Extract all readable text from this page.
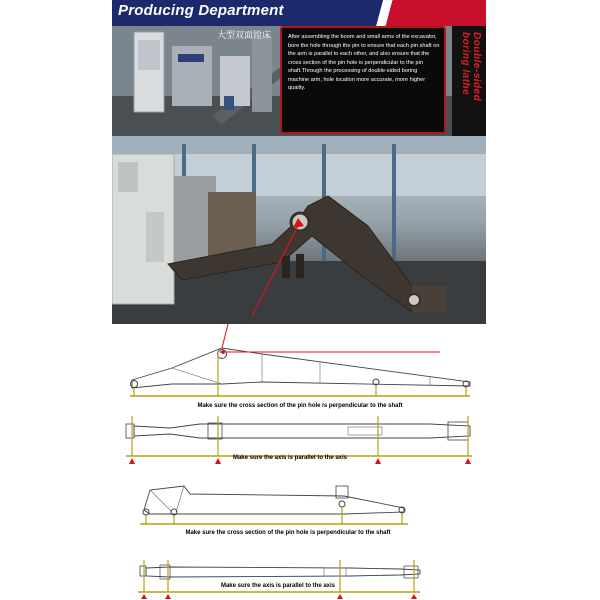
Producing Department
大型双面镗床	After assembling the boom and small arms of the excavator, bore the hole through the pin to ensure that each pin shaft on the arm is parallel to each other, and also ensure that the cross section of the pin hole is perpendicular to the pin shaft.Through the processing of double-sided boring machine arm, hole location more accurate, more higher quality.	Double-sided boring lathe
Make sure the cross section of the pin hole is perpendicular to the shaft
Make sure the axis is parallel to the axis
Make sure the cross section of the pin hole is perpendicular to the shaft
Make sure the axis is parallel to the axis
